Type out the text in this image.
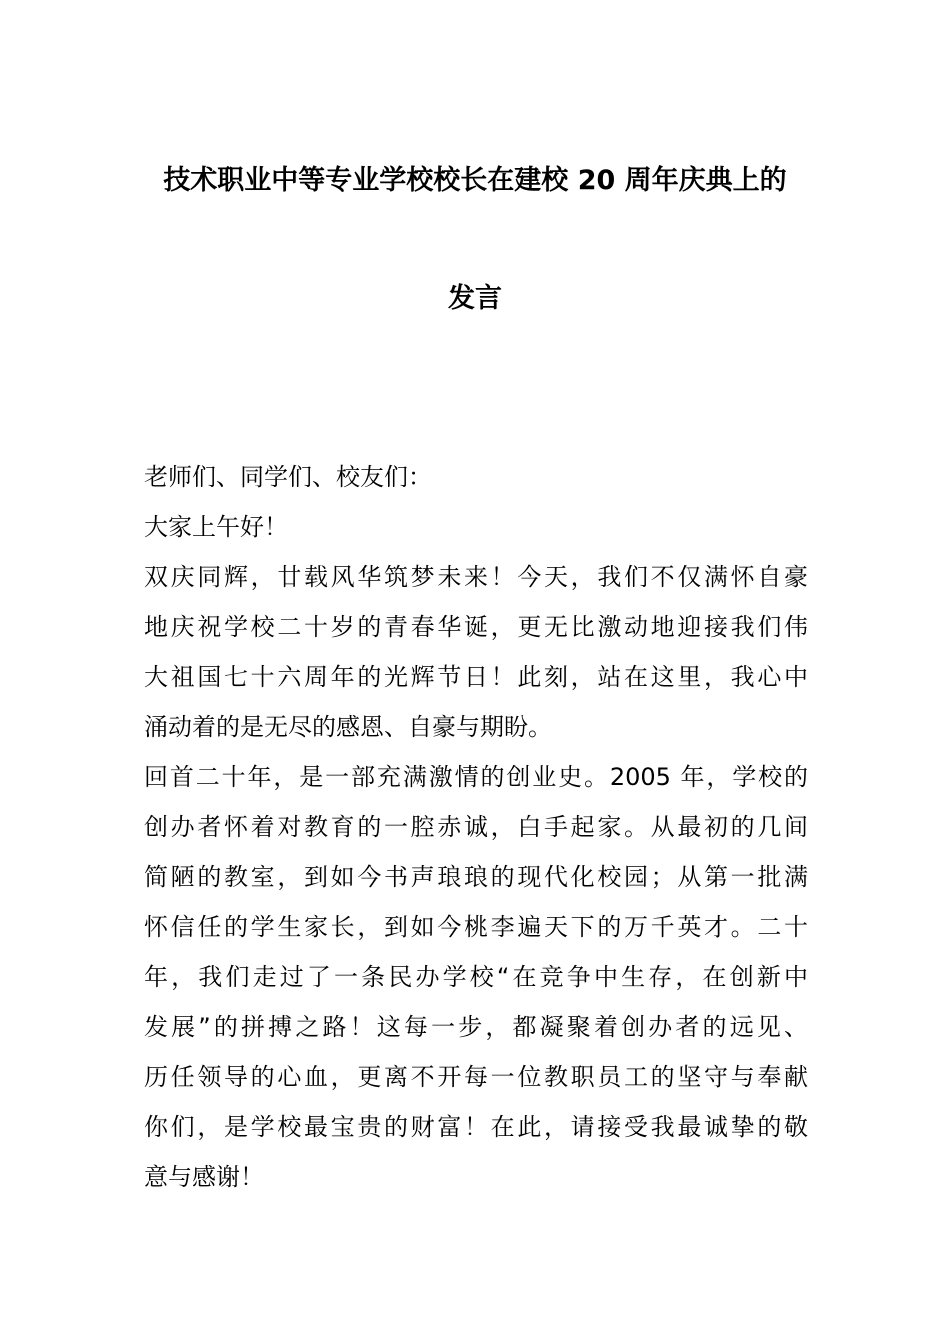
技术职业中等专业学校校长在建校 20 周年庆典上的
发言
老师们、同学们、校友们：
大家上午好！
双庆同辉，廿载风华筑梦未来！今天，我们不仅满怀自豪
地庆祝学校二十岁的青春华诞，更无比激动地迎接我们伟
大祖国七十六周年的光辉节日！此刻，站在这里，我心中
涌动着的是无尽的感恩、自豪与期盼。
回首二十年，是一部充满激情的创业史。2005 年，学校的
创办者怀着对教育的一腔赤诚，白手起家。从最初的几间
简陋的教室，到如今书声琅琅的现代化校园；从第一批满
怀信任的学生家长，到如今桃李遍天下的万千英才。二十
年，我们走过了一条民办学校“在竞争中生存，在创新中
发展”的拼搏之路！这每一步，都凝聚着创办者的远见、
历任领导的心血，更离不开每一位教职员工的坚守与奉献
你们，是学校最宝贵的财富！在此，请接受我最诚挚的敬
意与感谢！
